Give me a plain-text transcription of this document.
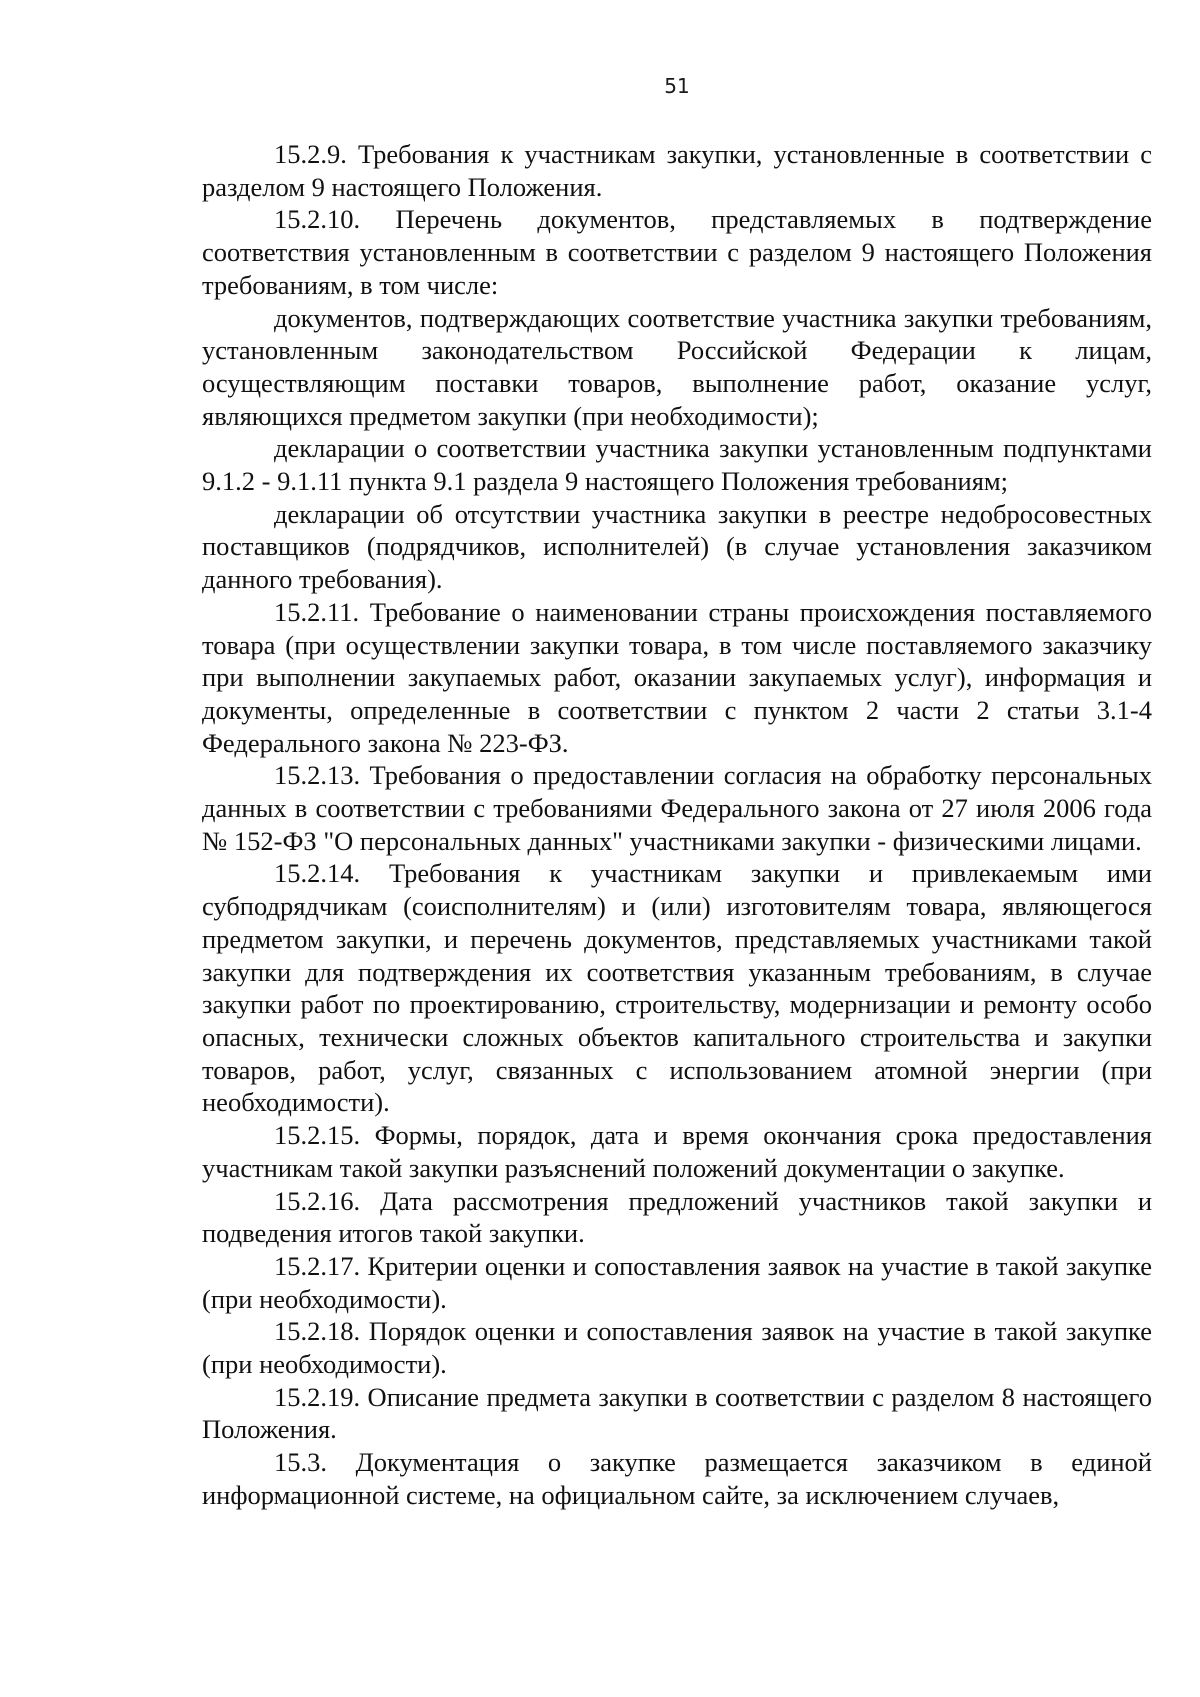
51

15.2.9. Требования к участникам закупки, установленные в соответствии с разделом 9 настоящего Положения.

15.2.10. Перечень документов, представляемых в подтверждение соответствия установленным в соответствии с разделом 9 настоящего Положения требованиям, в том числе:

документов, подтверждающих соответствие участника закупки требованиям, установленным законодательством Российской Федерации к лицам, осуществляющим поставки товаров, выполнение работ, оказание услуг, являющихся предметом закупки (при необходимости);

декларации о соответствии участника закупки установленным подпунктами 9.1.2 - 9.1.11 пункта 9.1 раздела 9 настоящего Положения требованиям;

декларации об отсутствии участника закупки в реестре недобросовестных поставщиков (подрядчиков, исполнителей) (в случае установления заказчиком данного требования).

15.2.11. Требование о наименовании страны происхождения поставляемого товара (при осуществлении закупки товара, в том числе поставляемого заказчику при выполнении закупаемых работ, оказании закупаемых услуг), информация и документы, определенные в соответствии с пунктом 2 части 2 статьи 3.1-4 Федерального закона № 223-ФЗ.

15.2.13. Требования о предоставлении согласия на обработку персональных данных в соответствии с требованиями Федерального закона от 27 июля 2006 года № 152-ФЗ "О персональных данных" участниками закупки - физическими лицами.

15.2.14. Требования к участникам закупки и привлекаемым ими субподрядчикам (соисполнителям) и (или) изготовителям товара, являющегося предметом закупки, и перечень документов, представляемых участниками такой закупки для подтверждения их соответствия указанным требованиям, в случае закупки работ по проектированию, строительству, модернизации и ремонту особо опасных, технически сложных объектов капитального строительства и закупки товаров, работ, услуг, связанных с использованием атомной энергии (при необходимости).

15.2.15. Формы, порядок, дата и время окончания срока предоставления участникам такой закупки разъяснений положений документации о закупке.

15.2.16. Дата рассмотрения предложений участников такой закупки и подведения итогов такой закупки.

15.2.17. Критерии оценки и сопоставления заявок на участие в такой закупке (при необходимости).

15.2.18. Порядок оценки и сопоставления заявок на участие в такой закупке (при необходимости).

15.2.19. Описание предмета закупки в соответствии с разделом 8 настоящего Положения.

15.3. Документация о закупке размещается заказчиком в единой информационной системе, на официальном сайте, за исключением случаев,
